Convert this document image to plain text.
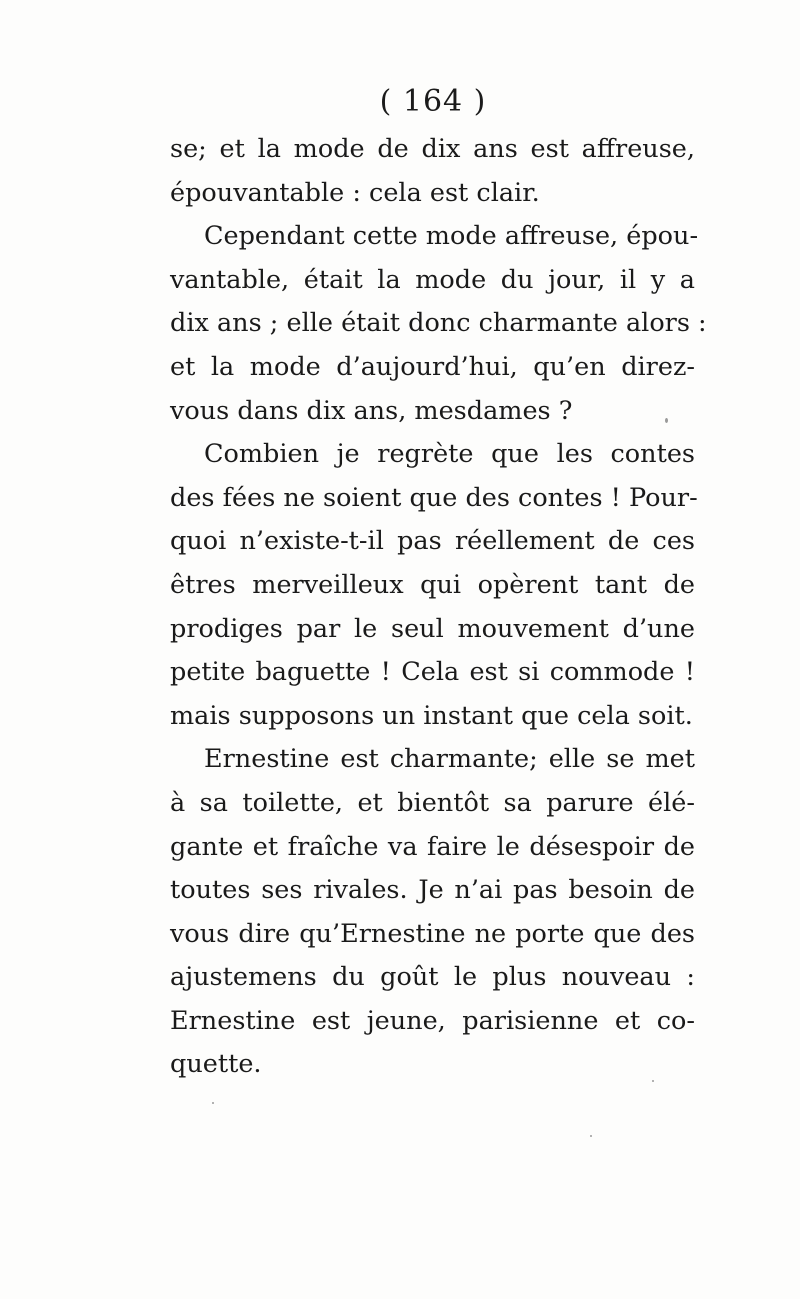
( 164 )
se; et la mode de dix ans est affreuse,
épouvantable : cela est clair.
Cependant cette mode affreuse, épou-
vantable, était la mode du jour, il y a
dix ans ; elle était donc charmante alors :
et la mode d’aujourd’hui, qu’en direz-
vous dans dix ans, mesdames ?
Combien je regrète que les contes
des fées ne soient que des contes ! Pour-
quoi n’existe-t-il pas réellement de ces
êtres merveilleux qui opèrent tant de
prodiges par le seul mouvement d’une
petite baguette ! Cela est si commode !
mais supposons un instant que cela soit.
Ernestine est charmante; elle se met
à sa toilette, et bientôt sa parure élé-
gante et fraîche va faire le désespoir de
toutes ses rivales. Je n’ai pas besoin de
vous dire qu’Ernestine ne porte que des
ajustemens du goût le plus nouveau :
Ernestine est jeune, parisienne et co-
quette.
